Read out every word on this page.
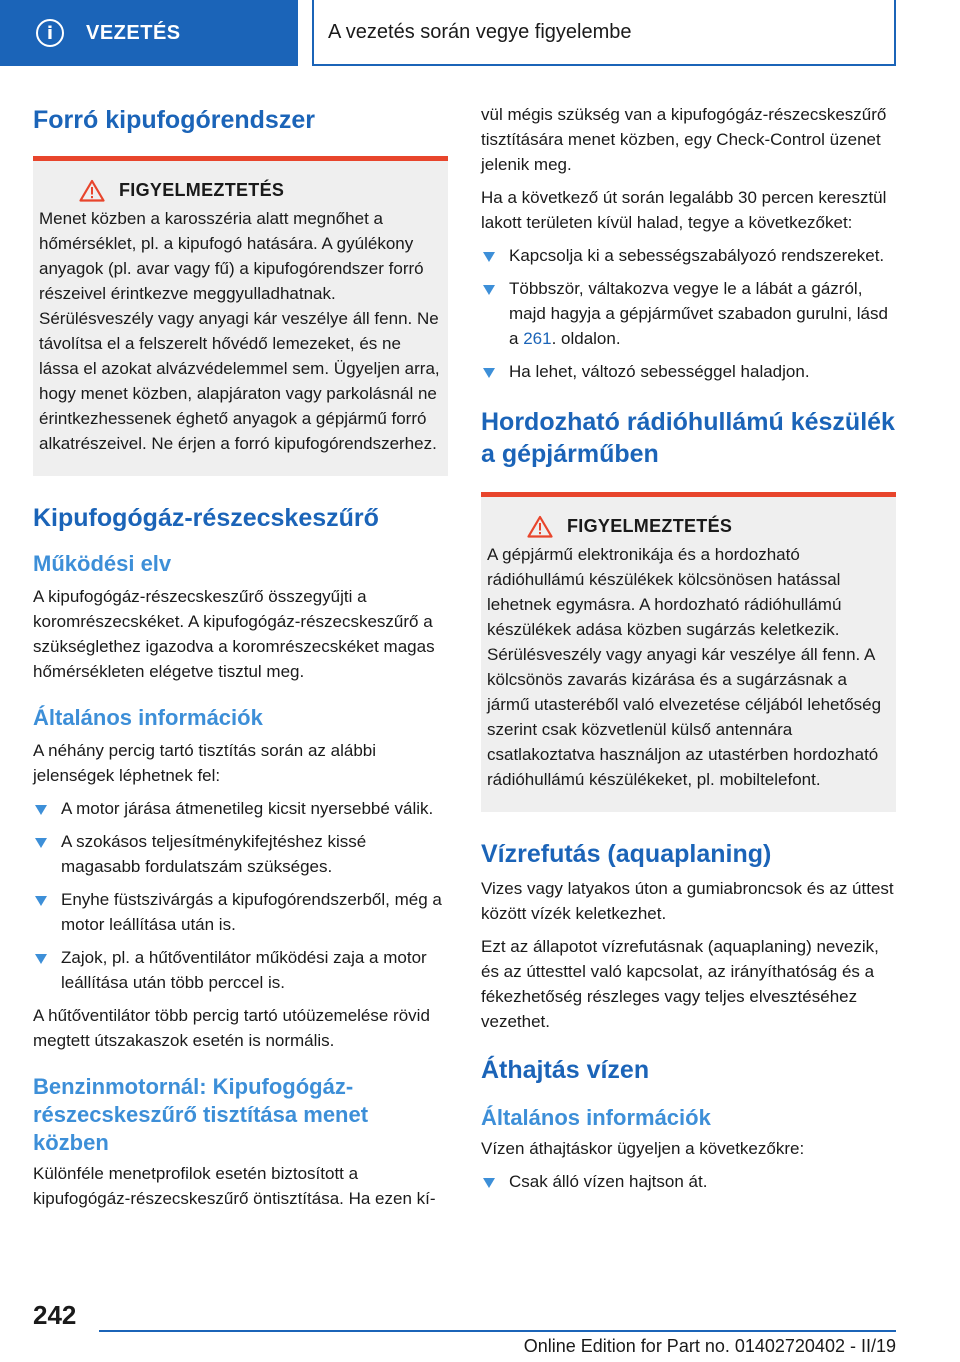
i	VEZETÉS	A vezetés során vegye figyelembe
Forró kipufogórendszer
FIGYELMEZTETÉS

Menet közben a karosszéria alatt megnőhet a hőmérséklet, pl. a kipufogó hatására. A gyúlékony anyagok (pl. avar vagy fű) a kipufogórendszer forró részeivel érintkezve meggyulladhatnak. Sérülésveszély vagy anyagi kár veszélye áll fenn. Ne távolítsa el a felszerelt hővédő lemezeket, és ne lássa el azokat alvázvédelemmel sem. Ügyeljen arra, hogy menet közben, alapjáraton vagy parkolásnál ne érintkezhessenek éghető anyagok a gépjármű forró alkatrészeivel. Ne érjen a forró kipufogórendszerhez.

Kipufogógáz-részecskeszűrő
Működési elv

A kipufogógáz-részecskeszűrő összegyűjti a koromrészecskéket. A kipufogógáz-részecskeszűrő a szükséglethez igazodva a koromrészecskéket magas hőmérsékleten elégetve tisztul meg.

Általános információk

A néhány percig tartó tisztítás során az alábbi jelenségek léphetnek fel:

A motor járása átmenetileg kicsit nyersebbé válik.
A szokásos teljesítménykifejtéshez kissé magasabb fordulatszám szükséges.
Enyhe füstszivárgás a kipufogórendszerből, még a motor leállítása után is.
Zajok, pl. a hűtőventilátor működési zaja a motor leállítása után több perccel is.

A hűtőventilátor több percig tartó utóüzemelése rövid megtett útszakaszok esetén is normális.

Benzinmotornál: Kipufogógáz-részecskeszűrő tisztítása menet közben

Különféle menetprofilok esetén biztosított a kipufogógáz-részecskeszűrő öntisztítása. Ha ezen kí-

vül mégis szükség van a kipufogógáz-részecskeszűrő tisztítására menet közben, egy Check-Control üzenet jelenik meg.

Ha a következő út során legalább 30 percen keresztül lakott területen kívül halad, tegye a következőket:

Kapcsolja ki a sebességszabályozó rendszereket.
Többször, váltakozva vegye le a lábát a gázról, majd hagyja a gépjárművet szabadon gurulni, lásd a 261. oldalon.
Ha lehet, változó sebességgel haladjon.
Hordozható rádióhullámú készülék a gépjárműben
FIGYELMEZTETÉS

A gépjármű elektronikája és a hordozható rádióhullámú készülékek kölcsönösen hatással lehetnek egymásra. A hordozható rádióhullámú készülékek adása közben sugárzás keletkezik. Sérülésveszély vagy anyagi kár veszélye áll fenn. A kölcsönös zavarás kizárása és a sugárzásnak a jármű utasteréből való elvezetése céljából lehetőség szerint csak közvetlenül külső antennára csatlakoztatva használjon az utastérben hordozható rádióhullámú készülékeket, pl. mobiltelefont.

Vízrefutás (aquaplaning)

Vizes vagy latyakos úton a gumiabroncsok és az úttest között vízék keletkezhet.

Ezt az állapotot vízrefutásnak (aquaplaning) nevezik, és az úttesttel való kapcsolat, az irányíthatóság és a fékezhetőség részleges vagy teljes elvesztéséhez vezethet.

Áthajtás vízen
Általános információk

Vízen áthajtáskor ügyeljen a következőkre:

Csak álló vízen hajtson át.
242
Online Edition for Part no. 01402720402 - II/19
